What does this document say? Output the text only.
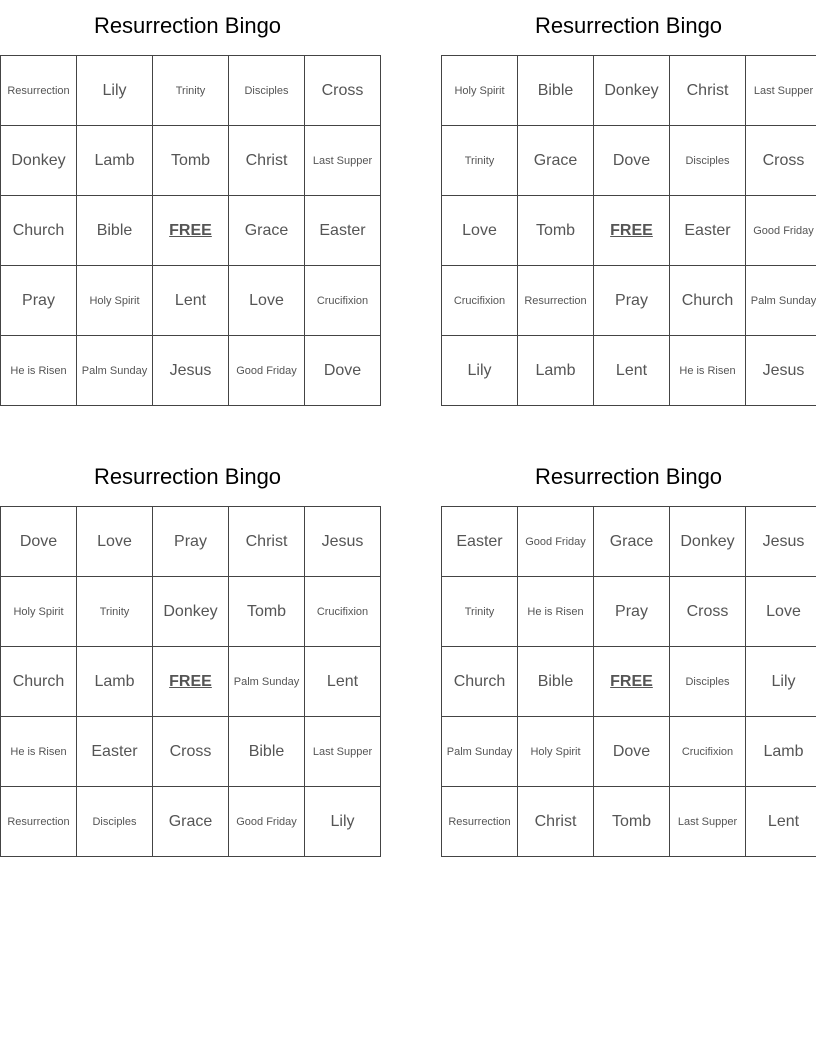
Resurrection Bingo
Resurrection	Lily	Trinity	Disciples	Cross
Donkey	Lamb	Tomb	Christ	Last Supper
Church	Bible	FREE	Grace	Easter
Pray	Holy Spirit	Lent	Love	Crucifixion
He is Risen	Palm Sunday	Jesus	Good Friday	Dove
Resurrection Bingo
Holy Spirit	Bible	Donkey	Christ	Last Supper
Trinity	Grace	Dove	Disciples	Cross
Love	Tomb	FREE	Easter	Good Friday
Crucifixion	Resurrection	Pray	Church	Palm Sunday
Lily	Lamb	Lent	He is Risen	Jesus
Resurrection Bingo
Dove	Love	Pray	Christ	Jesus
Holy Spirit	Trinity	Donkey	Tomb	Crucifixion
Church	Lamb	FREE	Palm Sunday	Lent
He is Risen	Easter	Cross	Bible	Last Supper
Resurrection	Disciples	Grace	Good Friday	Lily
Resurrection Bingo
Easter	Good Friday	Grace	Donkey	Jesus
Trinity	He is Risen	Pray	Cross	Love
Church	Bible	FREE	Disciples	Lily
Palm Sunday	Holy Spirit	Dove	Crucifixion	Lamb
Resurrection	Christ	Tomb	Last Supper	Lent
